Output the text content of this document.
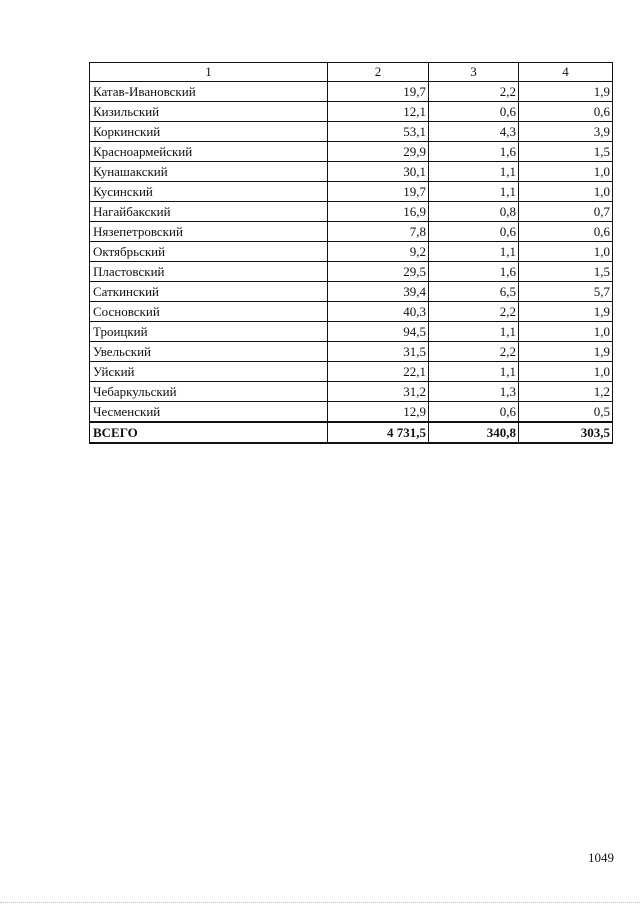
1	2	3	4
Катав-Ивановский	19,7	2,2	1,9
Кизильский	12,1	0,6	0,6
Коркинский	53,1	4,3	3,9
Красноармейский	29,9	1,6	1,5
Кунашакский	30,1	1,1	1,0
Кусинский	19,7	1,1	1,0
Нагайбакский	16,9	0,8	0,7
Нязепетровский	7,8	0,6	0,6
Октябрьский	9,2	1,1	1,0
Пластовский	29,5	1,6	1,5
Саткинский	39,4	6,5	5,7
Сосновский	40,3	2,2	1,9
Троицкий	94,5	1,1	1,0
Увельский	31,5	2,2	1,9
Уйский	22,1	1,1	1,0
Чебаркульский	31,2	1,3	1,2
Чесменский	12,9	0,6	0,5
ВСЕГО	4 731,5	340,8	303,5
1049
